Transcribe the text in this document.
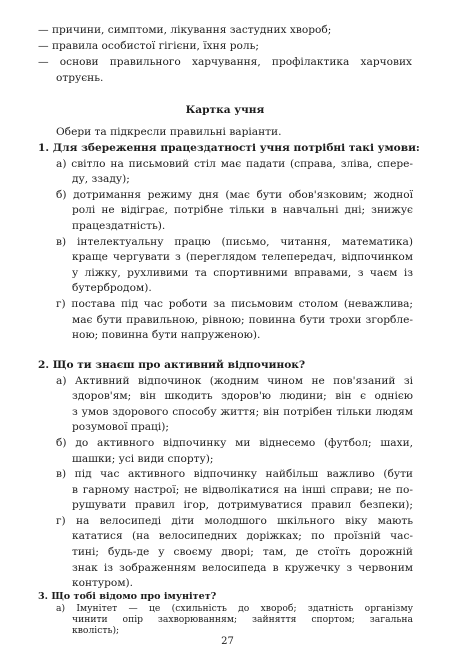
— причини, симптоми, лікування застудних хвороб;
— правила особистої гігієни, їхня роль;
— основи правильного харчування, профілактика харчових
отруєнь.
Картка учня
Обери та підкресли правильні варіанти.
1. Для збереження працездатності учня потрібні такі умови:
а) світло на письмовий стіл має падати (справа, зліва, спере-
ду, ззаду);
б) дотримання режиму дня (має бути обов'язковим; жодної
ролі не відіграє, потрібне тільки в навчальні дні; знижує
працездатність).
в) інтелектуальну працю (письмо, читання, математика)
краще чергувати з (переглядом телепередач, відпочинком
у ліжку, рухливими та спортивними вправами, з чаєм із
бутербродом).
г) постава під час роботи за письмовим столом (неважлива;
має бути правильною, рівною; повинна бути трохи згорбле-
ною; повинна бути напруженою).
2. Що ти знаєш про активний відпочинок?
а) Активний відпочинок (жодним чином не пов'язаний зі
здоров'ям; він шкодить здоров'ю людини; він є однією
з умов здорового способу життя; він потрібен тільки людям
розумової праці);
б) до активного відпочинку ми віднесемо (футбол; шахи,
шашки; усі види спорту);
в) під час активного відпочинку найбільш важливо (бути
в гарному настрої; не відволікатися на інші справи; не по-
рушувати правил ігор, дотримуватися правил безпеки);
г) на велосипеді діти молодшого шкільного віку мають
кататися (на велосипедних доріжках; по проїзній час-
тині; будь-де у своєму дворі; там, де стоїть дорожній
знак із зображенням велосипеда в кружечку з червоним
контуром).
3. Що тобі відомо про імунітет?
27
а) Імунітет — це (схильність до хвороб; здатність організму
чинити опір захворюванням; зайняття спортом; загальна
кволість);
